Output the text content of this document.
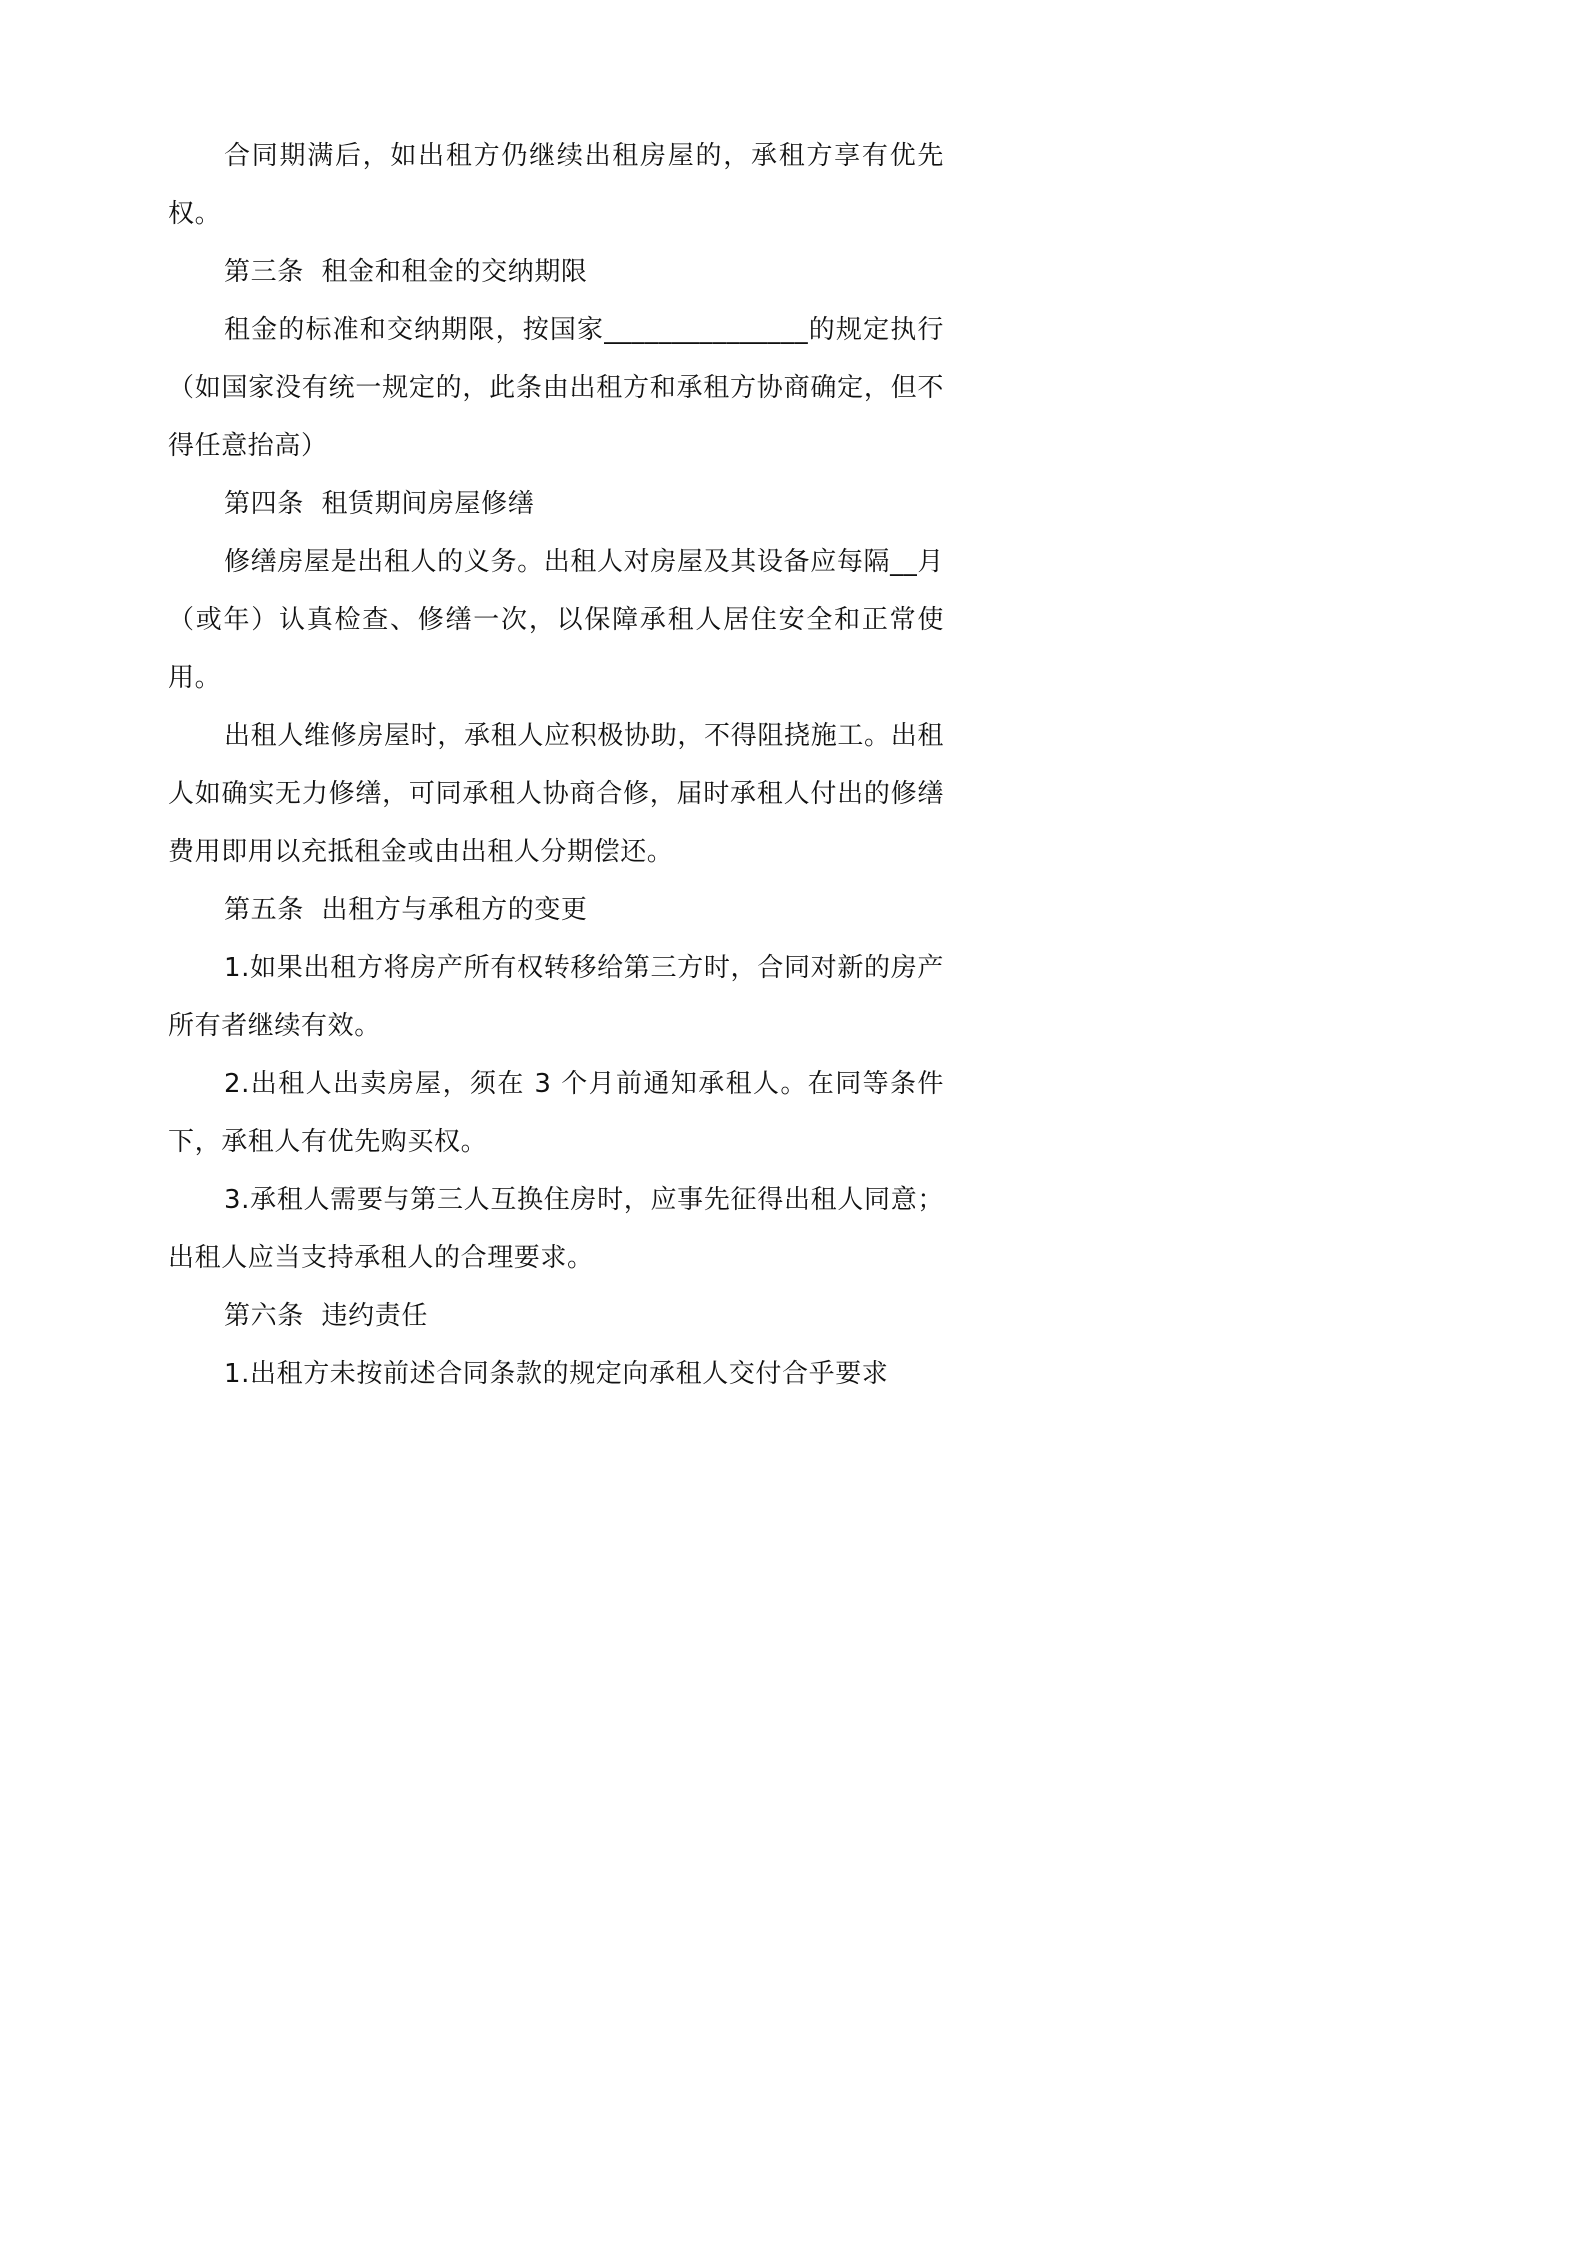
合同期满后，如出租方仍继续出租房屋的，承租方享有优先权。

第三条  租金和租金的交纳期限

租金的标准和交纳期限，按国家_______________的规定执行（如国家没有统一规定的，此条由出租方和承租方协商确定，但不得任意抬高）

第四条  租赁期间房屋修缮

修缮房屋是出租人的义务。出租人对房屋及其设备应每隔__月（或年）认真检查、修缮一次，以保障承租人居住安全和正常使用。

出租人维修房屋时，承租人应积极协助，不得阻挠施工。出租人如确实无力修缮，可同承租人协商合修，届时承租人付出的修缮费用即用以充抵租金或由出租人分期偿还。

第五条  出租方与承租方的变更

1.如果出租方将房产所有权转移给第三方时，合同对新的房产所有者继续有效。

2.出租人出卖房屋，须在 3 个月前通知承租人。在同等条件下，承租人有优先购买权。

3.承租人需要与第三人互换住房时，应事先征得出租人同意；出租人应当支持承租人的合理要求。

第六条  违约责任

1.出租方未按前述合同条款的规定向承租人交付合乎要求
